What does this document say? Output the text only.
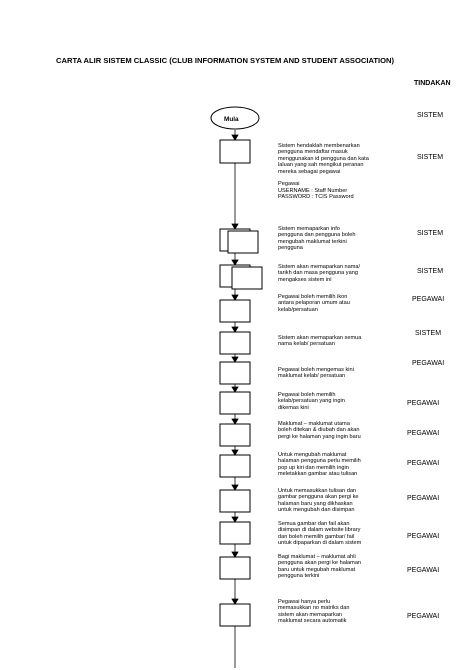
CARTA ALIR SISTEM CLASSIC (CLUB INFORMATION SYSTEM AND STUDENT ASSOCIATION)
TINDAKAN
Mula
Sistem hendaklah membenarkan
pengguna mendaftar masuk
menggunakan id pengguna dan kata
laluan yang sah mengikut peranan
mereka sebagai pegawai

Pegawai
USERNAME : Staff Number
PASSWORD : TCIS Password
Sistem memaparkan info
pengguna dan pengguna boleh
mengubah maklumat terkini
pengguna
Sistem akan memaparkan nama/
tarikh dan masa pengguna yang
mengakses sistem ini
Pegawai boleh memilih ikon
antara pelaporan umum atau
kelab/persatuan
Sistem akan memaparkan semua
nama kelab/ persatuan
Pegawai boleh mengemas kini
maklumat kelab/ persatuan
Pegawai boleh memilih
kelab/persatuan yang ingin
dikemas kini
Maklumat – maklumat utama
boleh ditekan & diubah dan akan
pergi ke halaman yang ingin baru
Untuk mengubah maklumat
halaman pengguna perlu memilih
pop up kiri dan memilih ingin
meletakkan gambar atau tulisan
Untuk memasukkan tulisan dan
gambar pengguna akan pergi ke
halaman baru yang dikhaskan
untuk mengubah dan disimpan
Semua gambar dan fail akan
disimpan di dalam website library
dan boleh memilih gambar/ fail
untuk dipaparkan di dalam sistem
Bagi maklumat – maklumat ahli
pengguna akan pergi ke halaman
baru untuk megubah maklumat
pengguna terkini
Pegawai hanya perlu
memasukkan no matriks dan
sistem akan memaparkan
maklumat secara automatik
SISTEM
SISTEM
SISTEM
SISTEM
PEGAWAI
SISTEM
PEGAWAI
PEGAWAI
PEGAWAI
PEGAWAI
PEGAWAI
PEGAWAI
PEGAWAI
PEGAWAI
